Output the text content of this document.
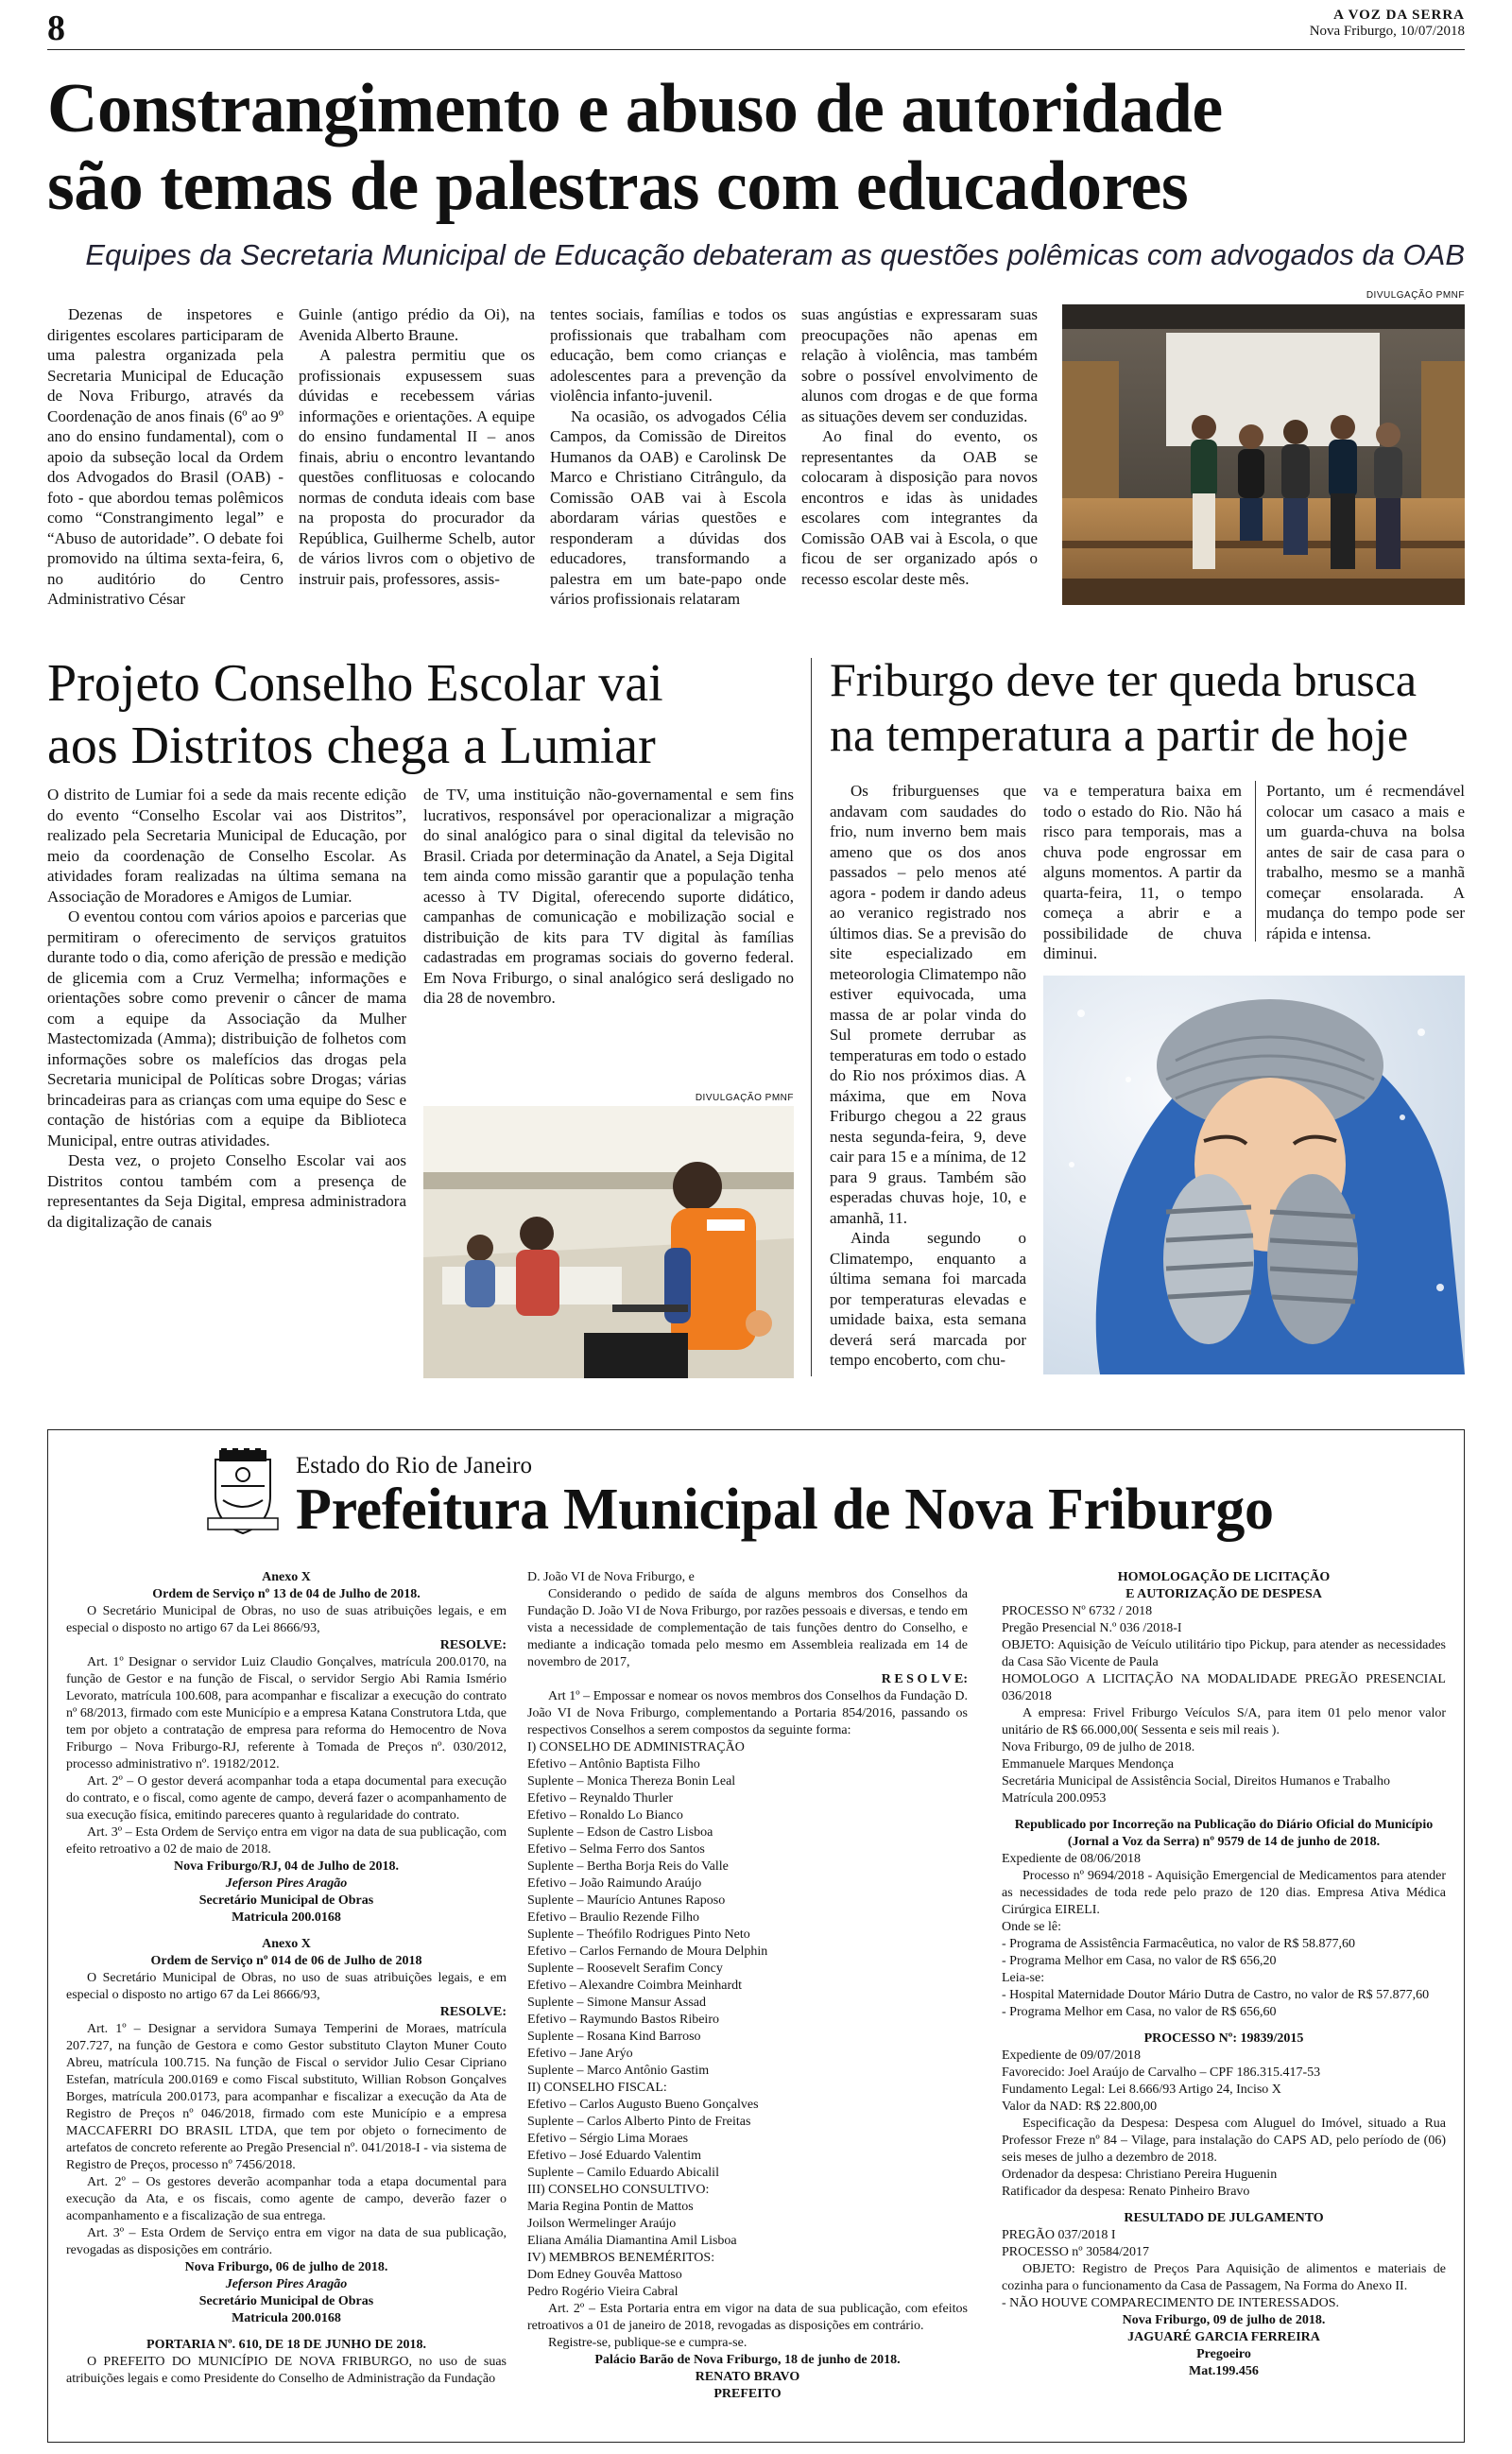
8	A VOZ DA SERRA
Nova Friburgo, 10/07/2018
Constrangimento e abuso de autoridade
são temas de palestras com educadores
Equipes da Secretaria Municipal de Educação debateram as questões polêmicas com advogados da OAB

Dezenas de inspetores e dirigentes escolares participaram de uma palestra organizada pela Secretaria Municipal de Educação de Nova Friburgo, através da Coordenação de anos finais (6º ao 9º ano do ensino fundamental), com o apoio da subseção local da Ordem dos Advogados do Brasil (OAB) - foto - que abordou temas polêmicos como “Constrangimento legal” e “Abuso de autoridade”. O debate foi promovido na última sexta-feira, 6, no auditório do Centro Administrativo César

Guinle (antigo prédio da Oi), na Avenida Alberto Braune.

A palestra permitiu que os profissionais expusessem suas dúvidas e recebessem várias informações e orientações. A equipe do ensino fundamental II – anos finais, abriu o encontro levantando questões conflituosas e colocando normas de conduta ideais com base na proposta do procurador da República, Guilherme Schelb, autor de vários livros com o objetivo de instruir pais, professores, assis-

tentes sociais, famílias e todos os profissionais que trabalham com educação, bem como crianças e adolescentes para a prevenção da violência infanto-juvenil.

Na ocasião, os advogados Célia Campos, da Comissão de Direitos Humanos da OAB) e Carolinsk De Marco e Christiano Citrângulo, da Comissão OAB vai à Escola abordaram várias questões e responderam a dúvidas dos educadores, transformando a palestra em um bate-papo onde vários profissionais relataram

suas angústias e expressaram suas preocupações não apenas em relação à violência, mas também sobre o possível envolvimento de alunos com drogas e de que forma as situações devem ser conduzidas.

Ao final do evento, os representantes da OAB se colocaram à disposição para novos encontros e idas às unidades escolares com integrantes da Comissão OAB vai à Escola, o que ficou de ser organizado após o recesso escolar deste mês.

DIVULGAÇÃO PMNF
Projeto Conselho Escolar vai
aos Distritos chega a Lumiar

O distrito de Lumiar foi a sede da mais recente edição do evento “Conselho Escolar vai aos Distritos”, realizado pela Secretaria Municipal de Educação, por meio da coordenação de Conselho Escolar. As atividades foram realizadas na última semana na Associação de Moradores e Amigos de Lumiar.

O eventou contou com vários apoios e parcerias que permitiram o oferecimento de serviços gratuitos durante todo o dia, como aferição de pressão e medição de glicemia com a Cruz Vermelha; informações e orientações sobre como prevenir o câncer de mama com a equipe da Associação da Mulher Mastectomizada (Amma); distribuição de folhetos com informações sobre os malefícios das drogas pela Secretaria municipal de Políticas sobre Drogas; várias brincadeiras para as crianças com uma equipe do Sesc e contação de histórias com a equipe da Biblioteca Municipal, entre outras atividades.

Desta vez, o projeto Conselho Escolar vai aos Distritos contou também com a presença de representantes da Seja Digital, empresa administradora da digitalização de canais

de TV, uma instituição não-governamental e sem fins lucrativos, responsável por operacionalizar a migração do sinal analógico para o sinal digital da televisão no Brasil. Criada por determinação da Anatel, a Seja Digital tem ainda como missão garantir que a população tenha acesso à TV Digital, oferecendo suporte didático, campanhas de comunicação e mobilização social e distribuição de kits para TV digital às famílias cadastradas em programas sociais do governo federal. Em Nova Friburgo, o sinal analógico será desligado no dia 28 de novembro.

DIVULGAÇÃO PMNF
Friburgo deve ter queda brusca
na temperatura a partir de hoje

Os friburguenses que andavam com saudades do frio, num inverno bem mais ameno que os dos anos passados – pelo menos até agora - podem ir dando adeus ao veranico registrado nos últimos dias. Se a previsão do site especializado em meteorologia Climatempo não estiver equivocada, uma massa de ar polar vinda do Sul promete derrubar as temperaturas em todo o estado do Rio nos próximos dias. A máxima, que em Nova Friburgo chegou a 22 graus nesta segunda-feira, 9, deve cair para 15 e a mínima, de 12 para 9 graus. Também são esperadas chuvas hoje, 10, e amanhã, 11.

Ainda segundo o Climatempo, enquanto a última semana foi marcada por temperaturas elevadas e umidade baixa, esta semana deverá será marcada por tempo encoberto, com chu-

va e temperatura baixa em todo o estado do Rio. Não há risco para temporais, mas a chuva pode engrossar em alguns momentos. A partir da quarta-feira, 11, o tempo começa a abrir e a possibilidade de chuva diminui.

Portanto, um é recmendável colocar um casaco a mais e um guarda-chuva na bolsa antes de sair de casa para o trabalho, mesmo se a manhã começar ensolarada. A mudança do tempo pode ser rápida e intensa.

Estado do Rio de Janeiro
Prefeitura Municipal de Nova Friburgo
Anexo X
Ordem de Serviço nº 13 de 04 de Julho de 2018.
O Secretário Municipal de Obras, no uso de suas atribuições legais, e em especial o disposto no artigo 67 da Lei 8666/93,
RESOLVE:
Art. 1º Designar o servidor Luiz Claudio Gonçalves, matrícula 200.0170, na função de Gestor e na função de Fiscal, o servidor Sergio Abi Ramia Ismério Levorato, matrícula 100.608, para acompanhar e fiscalizar a execução do contrato nº 68/2013, firmado com este Município e a empresa Katana Construtora Ltda, que tem por objeto a contratação de empresa para reforma do Hemocentro de Nova Friburgo – Nova Friburgo-RJ, referente à Tomada de Preços nº. 030/2012, processo administrativo nº. 19182/2012.
Art. 2º – O gestor deverá acompanhar toda a etapa documental para execução do contrato, e o fiscal, como agente de campo, deverá fazer o acompanhamento de sua execução física, emitindo pareceres quanto à regularidade do contrato.
Art. 3º – Esta Ordem de Serviço entra em vigor na data de sua publicação, com efeito retroativo a 02 de maio de 2018.
Nova Friburgo/RJ, 04 de Julho de 2018.
Jeferson Pires Aragão
Secretário Municipal de Obras
Matricula 200.0168
Anexo X
Ordem de Serviço nº 014 de 06 de Julho de 2018
O Secretário Municipal de Obras, no uso de suas atribuições legais, e em especial o disposto no artigo 67 da Lei 8666/93,
RESOLVE:
Art. 1º – Designar a servidora Sumaya Temperini de Moraes, matrícula 207.727, na função de Gestora e como Gestor substituto Clayton Muner Couto Abreu, matrícula 100.715. Na função de Fiscal o servidor Julio Cesar Cipriano Estefan, matrícula 200.0169 e como Fiscal substituto, Willian Robson Gonçalves Borges, matrícula 200.0173, para acompanhar e fiscalizar a execução da Ata de Registro de Preços nº 046/2018, firmado com este Município e a empresa MACCAFERRI DO BRASIL LTDA, que tem por objeto o fornecimento de artefatos de concreto referente ao Pregão Presencial nº. 041/2018-I - via sistema de Registro de Preços, processo nº 7456/2018.
Art. 2º – Os gestores deverão acompanhar toda a etapa documental para execução da Ata, e os fiscais, como agente de campo, deverão fazer o acompanhamento e a fiscalização de sua entrega.
Art. 3º – Esta Ordem de Serviço entra em vigor na data de sua publicação, revogadas as disposições em contrário.
Nova Friburgo, 06 de julho de 2018.
Jeferson Pires Aragão
Secretário Municipal de Obras
Matricula 200.0168
PORTARIA Nº. 610, DE 18 DE JUNHO DE 2018.
O PREFEITO DO MUNICÍPIO DE NOVA FRIBURGO, no uso de suas atribuições legais e como Presidente do Conselho de Administração da Fundação
D. João VI de Nova Friburgo, e
Considerando o pedido de saída de alguns membros dos Conselhos da Fundação D. João VI de Nova Friburgo, por razões pessoais e diversas, e tendo em vista a necessidade de complementação de tais funções dentro do Conselho, e mediante a indicação tomada pelo mesmo em Assembleia realizada em 14 de novembro de 2017,
R E S O L V E:
Art 1º – Empossar e nomear os novos membros dos Conselhos da Fundação D. João VI de Nova Friburgo, complementando a Portaria 854/2016, passando os respectivos Conselhos a serem compostos da seguinte forma:
I) CONSELHO DE ADMINISTRAÇÃO
Efetivo – Antônio Baptista Filho
Suplente – Monica Thereza Bonin Leal
Efetivo – Reynaldo Thurler
Efetivo – Ronaldo Lo Bianco
Suplente – Edson de Castro Lisboa
Efetivo – Selma Ferro dos Santos
Suplente – Bertha Borja Reis do Valle
Efetivo – João Raimundo Araújo
Suplente – Maurício Antunes Raposo
Efetivo – Braulio Rezende Filho
Suplente – Theófilo Rodrigues Pinto Neto
Efetivo – Carlos Fernando de Moura Delphin
Suplente – Roosevelt Serafim Concy
Efetivo – Alexandre Coimbra Meinhardt
Suplente – Simone Mansur Assad
Efetivo – Raymundo Bastos Ribeiro
Suplente – Rosana Kind Barroso
Efetivo – Jane Arýo
Suplente – Marco Antônio Gastim
II) CONSELHO FISCAL:
Efetivo – Carlos Augusto Bueno Gonçalves
Suplente – Carlos Alberto Pinto de Freitas
Efetivo – Sérgio Lima Moraes
Efetivo – José Eduardo Valentim
Suplente – Camilo Eduardo Abicalil
III) CONSELHO CONSULTIVO:
Maria Regina Pontin de Mattos
Joilson Wermelinger Araújo
Eliana Amália Diamantina Amil Lisboa
IV) MEMBROS BENEMÉRITOS:
Dom Edney Gouvêa Mattoso
Pedro Rogério Vieira Cabral
Art. 2º – Esta Portaria entra em vigor na data de sua publicação, com efeitos retroativos a 01 de janeiro de 2018, revogadas as disposições em contrário.
Registre-se, publique-se e cumpra-se.
Palácio Barão de Nova Friburgo, 18 de junho de 2018.
RENATO BRAVO
PREFEITO
HOMOLOGAÇÃO DE LICITAÇÃO
E AUTORIZAÇÃO DE DESPESA
PROCESSO Nº 6732 / 2018
Pregão Presencial N.º 036 /2018-I
OBJETO: Aquisição de Veículo utilitário tipo Pickup, para atender as necessidades da Casa São Vicente de Paula
HOMOLOGO A LICITAÇÃO NA MODALIDADE PREGÃO PRESENCIAL 036/2018
A empresa: Frivel Friburgo Veículos S/A, para item 01 pelo menor valor unitário de R$ 66.000,00( Sessenta e seis mil reais ).
Nova Friburgo, 09 de julho de 2018.
Emmanuele Marques Mendonça
Secretária Municipal de Assistência Social, Direitos Humanos e Trabalho
Matrícula 200.0953
Republicado por Incorreção na Publicação do Diário Oficial do Município (Jornal a Voz da Serra) nº 9579 de 14 de junho de 2018.
Expediente de 08/06/2018
Processo nº 9694/2018 - Aquisição Emergencial de Medicamentos para atender as necessidades de toda rede pelo prazo de 120 dias. Empresa Ativa Médica Cirúrgica EIRELI.
Onde se lê:
- Programa de Assistência Farmacêutica, no valor de R$ 58.877,60
- Programa Melhor em Casa, no valor de R$ 656,20
Leia-se:
- Hospital Maternidade Doutor Mário Dutra de Castro, no valor de R$ 57.877,60
- Programa Melhor em Casa, no valor de R$ 656,60
PROCESSO Nº: 19839/2015
Expediente de 09/07/2018
Favorecido: Joel Araújo de Carvalho – CPF 186.315.417-53
Fundamento Legal: Lei 8.666/93 Artigo 24, Inciso X
Valor da NAD: R$ 22.800,00
Especificação da Despesa: Despesa com Aluguel do Imóvel, situado a Rua Professor Freze nº 84 – Vilage, para instalação do CAPS AD, pelo período de (06) seis meses de julho a dezembro de 2018.
Ordenador da despesa: Christiano Pereira Huguenin
Ratificador da despesa: Renato Pinheiro Bravo
RESULTADO DE JULGAMENTO
PREGÃO 037/2018 I
PROCESSO nº 30584/2017
OBJETO: Registro de Preços Para Aquisição de alimentos e materiais de cozinha para o funcionamento da Casa de Passagem, Na Forma do Anexo II.
- NÃO HOUVE COMPARECIMENTO DE INTERESSADOS.
Nova Friburgo, 09 de julho de 2018.
JAGUARÉ GARCIA FERREIRA
Pregoeiro
Mat.199.456
